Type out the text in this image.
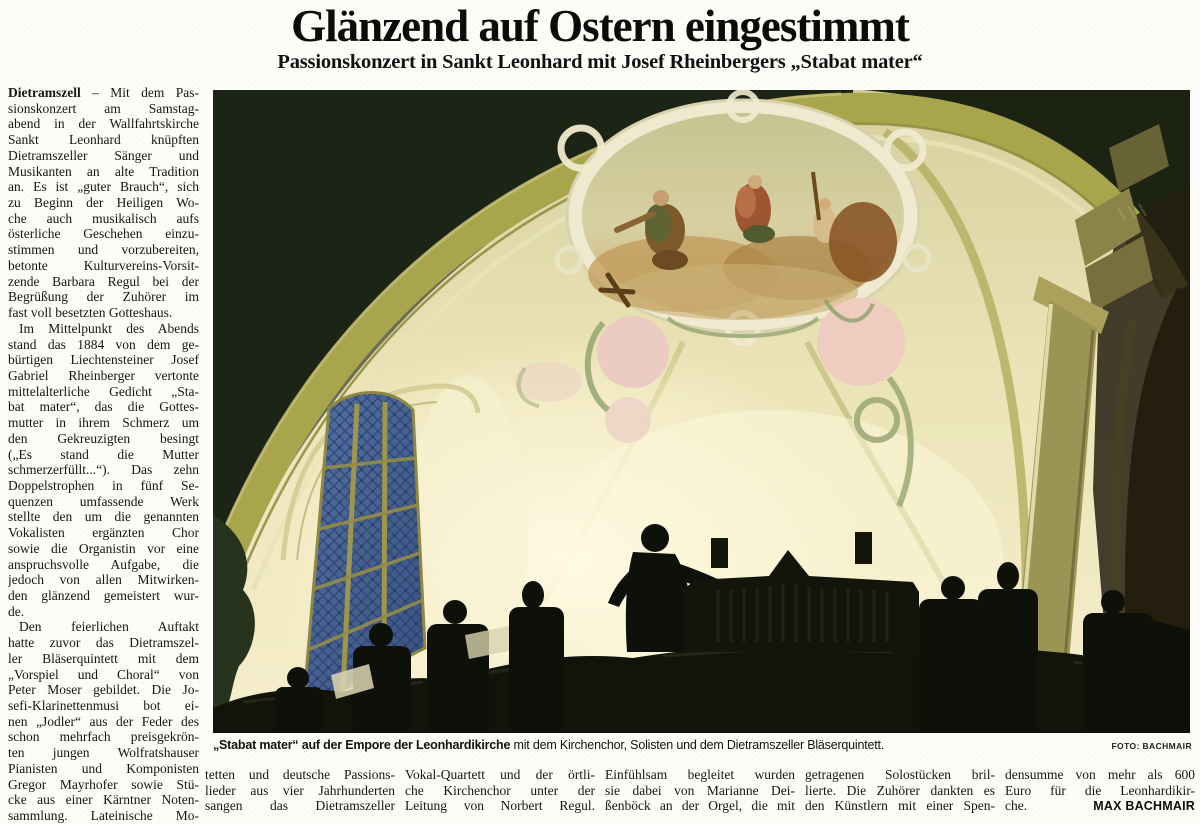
Glänzend auf Ostern eingestimmt
Passionskonzert in Sankt Leonhard mit Josef Rheinbergers „Stabat mater“
Dietramszell – Mit dem Pas-
sionskonzert am Samstag-
abend in der Wallfahrtskirche
Sankt Leonhard knüpften
Dietramszeller Sänger und
Musikanten an alte Tradition
an. Es ist „guter Brauch“, sich
zu Beginn der Heiligen Wo-
che auch musikalisch aufs
österliche Geschehen einzu-
stimmen und vorzubereiten,
betonte Kulturvereins-Vorsit-
zende Barbara Regul bei der
Begrüßung der Zuhörer im
fast voll besetzten Gotteshaus.
Im Mittelpunkt des Abends
stand das 1884 von dem ge-
bürtigen Liechtensteiner Josef
Gabriel Rheinberger vertonte
mittelalterliche Gedicht „Sta-
bat mater“, das die Gottes-
mutter in ihrem Schmerz um
den Gekreuzigten besingt
(„Es stand die Mutter
schmerzerfüllt...“). Das zehn
Doppelstrophen in fünf Se-
quenzen umfassende Werk
stellte den um die genannten
Vokalisten ergänzten Chor
sowie die Organistin vor eine
anspruchsvolle Aufgabe, die
jedoch von allen Mitwirken-
den glänzend gemeistert wur-
de.
Den feierlichen Auftakt
hatte zuvor das Dietramszel-
ler Bläserquintett mit dem
„Vorspiel und Choral“ von
Peter Moser gebildet. Die Jo-
sefi-Klarinettenmusi bot ei-
nen „Jodler“ aus der Feder des
schon mehrfach preisgekrön-
ten jungen Wolfratshauser
Pianisten und Komponisten
Gregor Mayrhofer sowie Stü-
cke aus einer Kärntner Noten-
sammlung. Lateinische Mo-
„Stabat mater“ auf der Empore der Leonhardikirche mit dem Kirchenchor, Solisten und dem Dietramszeller Bläserquintett.	FOTO: BACHMAIR
tetten und deutsche Passions-
lieder aus vier Jahrhunderten
sangen das Dietramszeller
Vokal-Quartett und der örtli-
che Kirchenchor unter der
Leitung von Norbert Regul.
Einfühlsam begleitet wurden
sie dabei von Marianne Dei-
ßenböck an der Orgel, die mit
getragenen Solostücken bril-
lierte. Die Zuhörer dankten es
den Künstlern mit einer Spen-
densumme von mehr als 600
Euro für die Leonhardikir-
che.	MAX BACHMAIR
